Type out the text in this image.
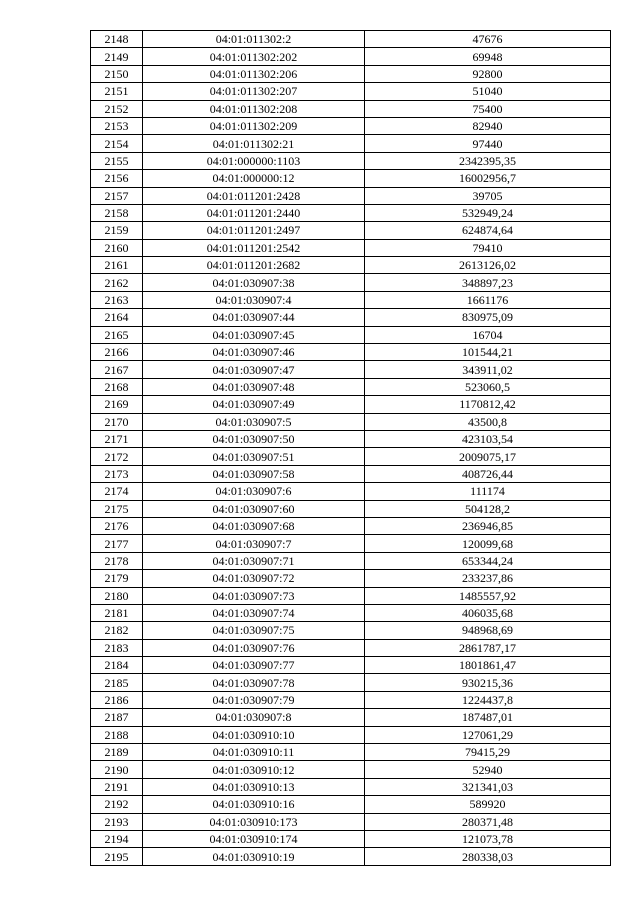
2148	04:01:011302:2	47676
2149	04:01:011302:202	69948
2150	04:01:011302:206	92800
2151	04:01:011302:207	51040
2152	04:01:011302:208	75400
2153	04:01:011302:209	82940
2154	04:01:011302:21	97440
2155	04:01:000000:1103	2342395,35
2156	04:01:000000:12	16002956,7
2157	04:01:011201:2428	39705
2158	04:01:011201:2440	532949,24
2159	04:01:011201:2497	624874,64
2160	04:01:011201:2542	79410
2161	04:01:011201:2682	2613126,02
2162	04:01:030907:38	348897,23
2163	04:01:030907:4	1661176
2164	04:01:030907:44	830975,09
2165	04:01:030907:45	16704
2166	04:01:030907:46	101544,21
2167	04:01:030907:47	343911,02
2168	04:01:030907:48	523060,5
2169	04:01:030907:49	1170812,42
2170	04:01:030907:5	43500,8
2171	04:01:030907:50	423103,54
2172	04:01:030907:51	2009075,17
2173	04:01:030907:58	408726,44
2174	04:01:030907:6	111174
2175	04:01:030907:60	504128,2
2176	04:01:030907:68	236946,85
2177	04:01:030907:7	120099,68
2178	04:01:030907:71	653344,24
2179	04:01:030907:72	233237,86
2180	04:01:030907:73	1485557,92
2181	04:01:030907:74	406035,68
2182	04:01:030907:75	948968,69
2183	04:01:030907:76	2861787,17
2184	04:01:030907:77	1801861,47
2185	04:01:030907:78	930215,36
2186	04:01:030907:79	1224437,8
2187	04:01:030907:8	187487,01
2188	04:01:030910:10	127061,29
2189	04:01:030910:11	79415,29
2190	04:01:030910:12	52940
2191	04:01:030910:13	321341,03
2192	04:01:030910:16	589920
2193	04:01:030910:173	280371,48
2194	04:01:030910:174	121073,78
2195	04:01:030910:19	280338,03
